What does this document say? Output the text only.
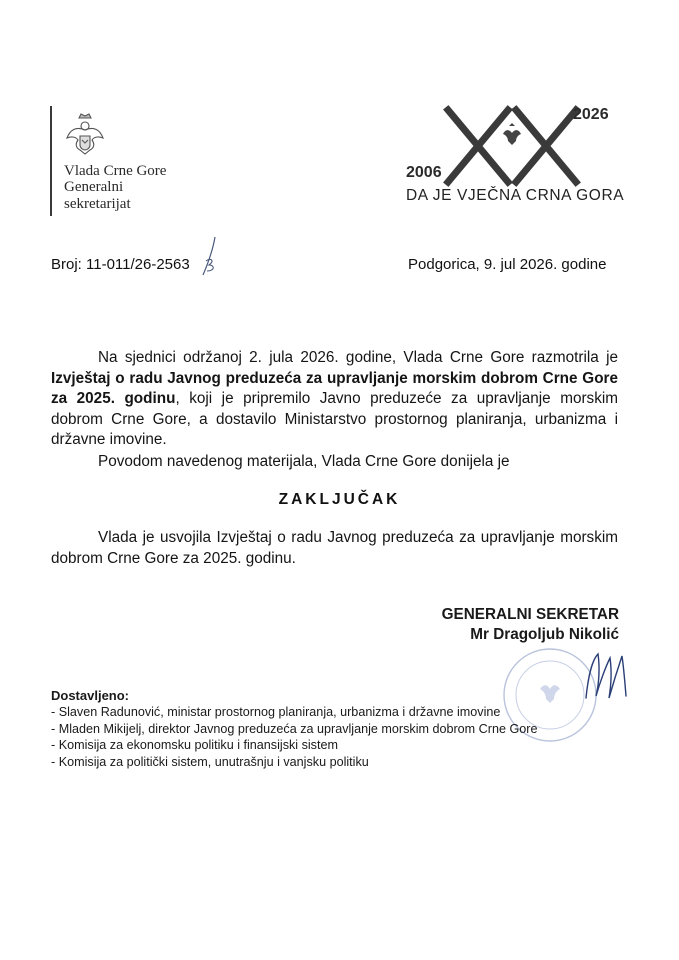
Vlada Crne Gore
Generalni
sekretarijat
2026
2006
DA JE VJEČNA CRNA GORA
Broj: 11-011/26-2563	Podgorica, 9. jul 2026. godine
Na sjednici održanoj 2. jula 2026. godine, Vlada Crne Gore razmotrila je Izvještaj o radu Javnog preduzeća za upravljanje morskim dobrom Crne Gore za 2025. godinu, koji je pripremilo Javno preduzeće za upravljanje morskim dobrom Crne Gore, a dostavilo Ministarstvo prostornog planiranja, urbanizma i državne imovine.
Povodom navedenog materijala, Vlada Crne Gore donijela je
ZAKLJUČAK
Vlada je usvojila Izvještaj o radu Javnog preduzeća za upravljanje morskim dobrom Crne Gore za 2025. godinu.
GENERALNI SEKRETAR
Mr Dragoljub Nikolić
Dostavljeno:
- Slaven Radunović, ministar prostornog planiranja, urbanizma i državne imovine
- Mladen Mikijelj, direktor Javnog preduzeća za upravljanje morskim dobrom Crne Gore
- Komisija za ekonomsku politiku i finansijski sistem
- Komisija za politički sistem, unutrašnju i vanjsku politiku
